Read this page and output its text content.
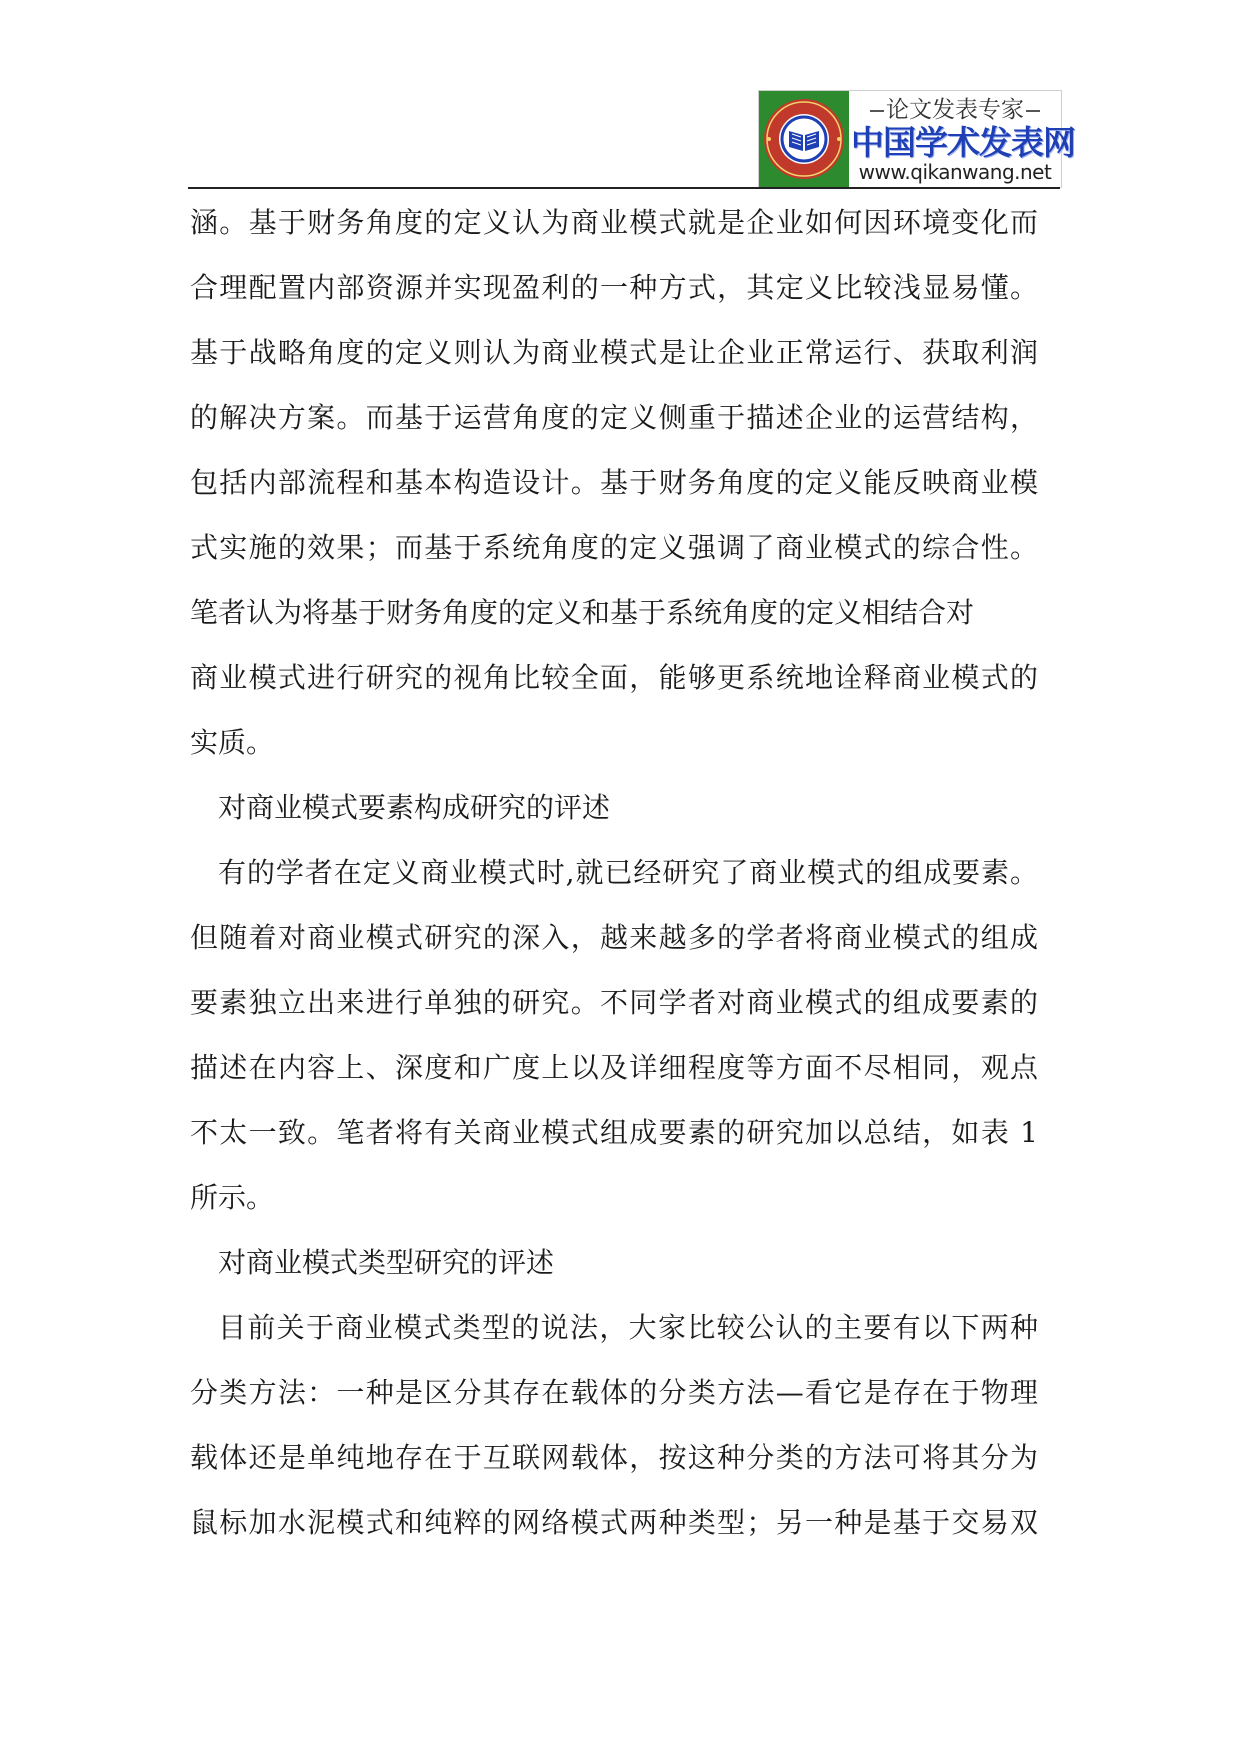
论文发表专家
中国学术发表网
www.qikanwang.net
涵。基于财务角度的定义认为商业模式就是企业如何因环境变化而
合理配置内部资源并实现盈利的一种方式，其定义比较浅显易懂。
基于战略角度的定义则认为商业模式是让企业正常运行、获取利润
的解决方案。而基于运营角度的定义侧重于描述企业的运营结构，
包括内部流程和基本构造设计。基于财务角度的定义能反映商业模
式实施的效果；而基于系统角度的定义强调了商业模式的综合性。
笔者认为将基于财务角度的定义和基于系统角度的定义相结合对
商业模式进行研究的视角比较全面，能够更系统地诠释商业模式的
实质。
对商业模式要素构成研究的评述
有的学者在定义商业模式时,就已经研究了商业模式的组成要素。
但随着对商业模式研究的深入，越来越多的学者将商业模式的组成
要素独立出来进行单独的研究。不同学者对商业模式的组成要素的
描述在内容上、深度和广度上以及详细程度等方面不尽相同，观点
不太一致。笔者将有关商业模式组成要素的研究加以总结，如表 1
所示。
对商业模式类型研究的评述
目前关于商业模式类型的说法，大家比较公认的主要有以下两种
分类方法：一种是区分其存在载体的分类方法—看它是存在于物理
载体还是单纯地存在于互联网载体，按这种分类的方法可将其分为
鼠标加水泥模式和纯粹的网络模式两种类型；另一种是基于交易双
